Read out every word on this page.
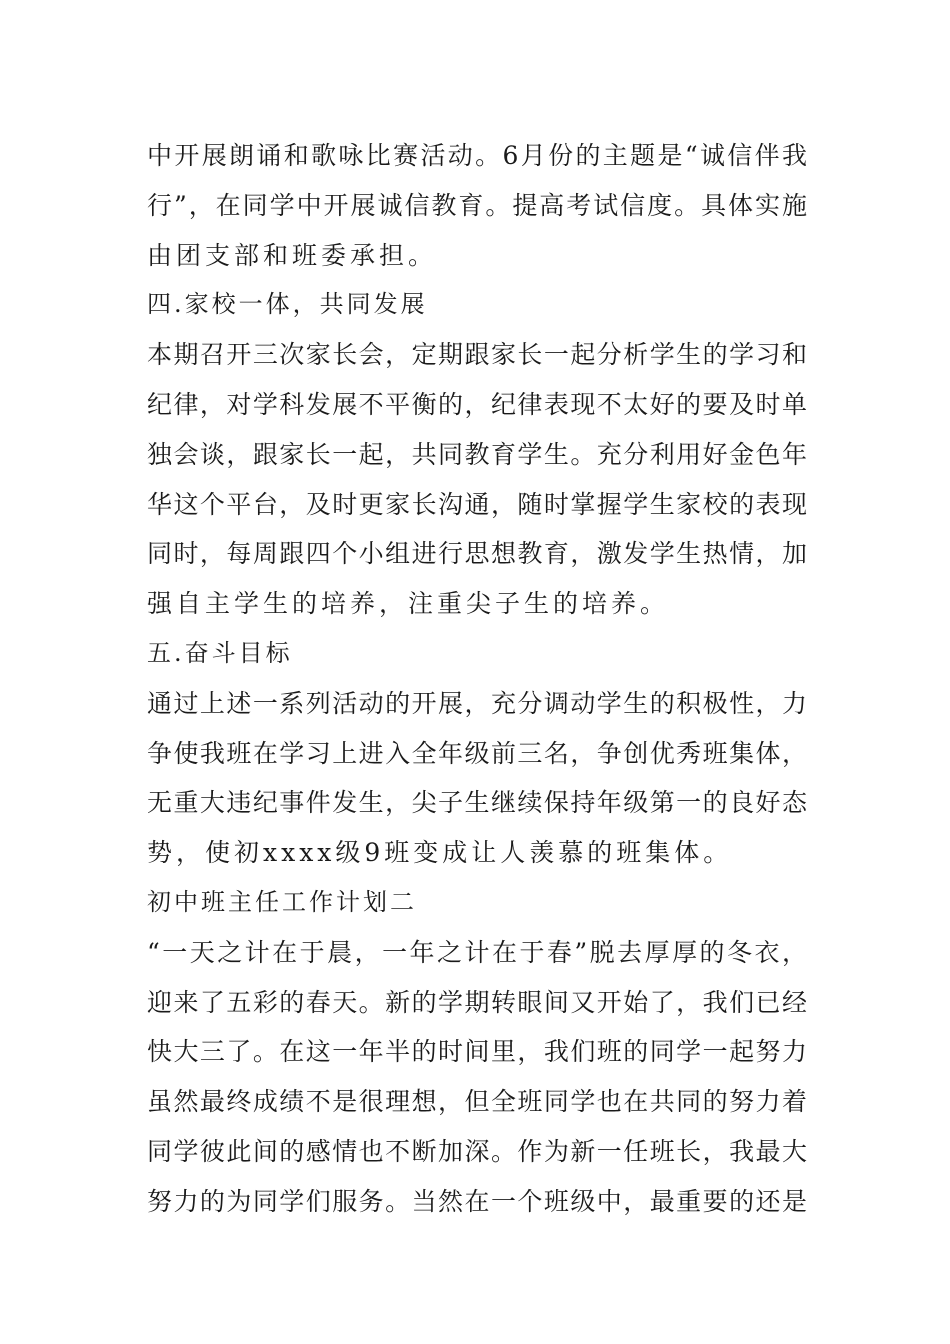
中开展朗诵和歌咏比赛活动。6月份的主题是“诚信伴我
行”，在同学中开展诚信教育。提高考试信度。具体实施
由团支部和班委承担。
四.家校一体，共同发展
本期召开三次家长会，定期跟家长一起分析学生的学习和
纪律，对学科发展不平衡的，纪律表现不太好的要及时单
独会谈，跟家长一起，共同教育学生。充分利用好金色年
华这个平台，及时更家长沟通，随时掌握学生家校的表现
同时，每周跟四个小组进行思想教育，激发学生热情，加
强自主学生的培养，注重尖子生的培养。
五.奋斗目标
通过上述一系列活动的开展，充分调动学生的积极性，力
争使我班在学习上进入全年级前三名，争创优秀班集体，
无重大违纪事件发生，尖子生继续保持年级第一的良好态
势，使初xxxx级9班变成让人羡慕的班集体。
初中班主任工作计划二
“一天之计在于晨，一年之计在于春”脱去厚厚的冬衣，
迎来了五彩的春天。新的学期转眼间又开始了，我们已经
快大三了。在这一年半的时间里，我们班的同学一起努力
虽然最终成绩不是很理想，但全班同学也在共同的努力着
同学彼此间的感情也不断加深。作为新一任班长，我最大
努力的为同学们服务。当然在一个班级中，最重要的还是
